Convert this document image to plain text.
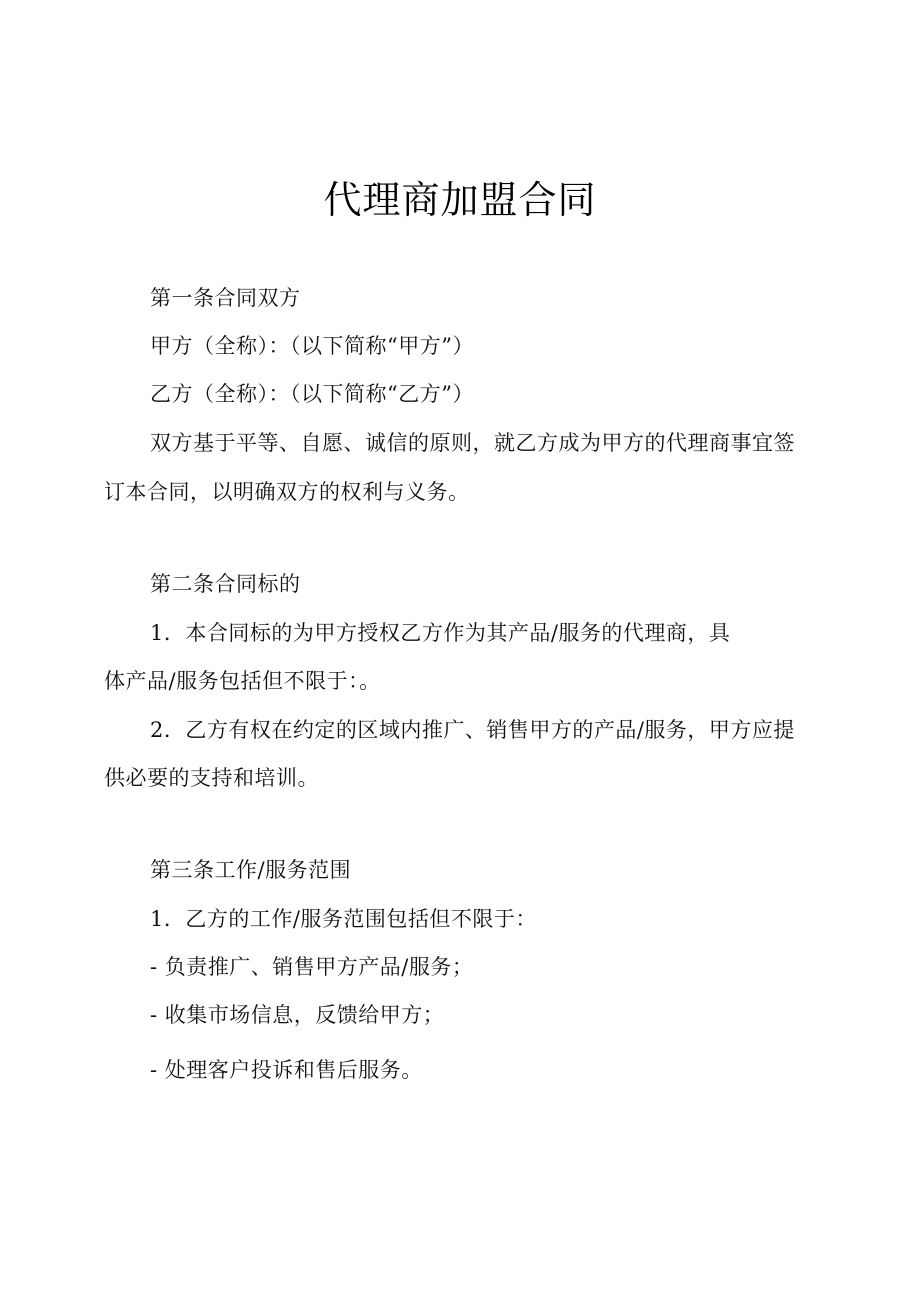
代理商加盟合同
第一条合同双方
甲方（全称）：（以下简称“甲方”）
乙方（全称）：（以下简称“乙方”）
双方基于平等、自愿、诚信的原则，就乙方成为甲方的代理商事宜签
订本合同，以明确双方的权利与义务。
第二条合同标的
1．本合同标的为甲方授权乙方作为其产品/服务的代理商，具
体产品/服务包括但不限于：。
2．乙方有权在约定的区域内推广、销售甲方的产品/服务，甲方应提
供必要的支持和培训。
第三条工作/服务范围
1．乙方的工作/服务范围包括但不限于：
- 负责推广、销售甲方产品/服务；
- 收集市场信息，反馈给甲方；
- 处理客户投诉和售后服务。
